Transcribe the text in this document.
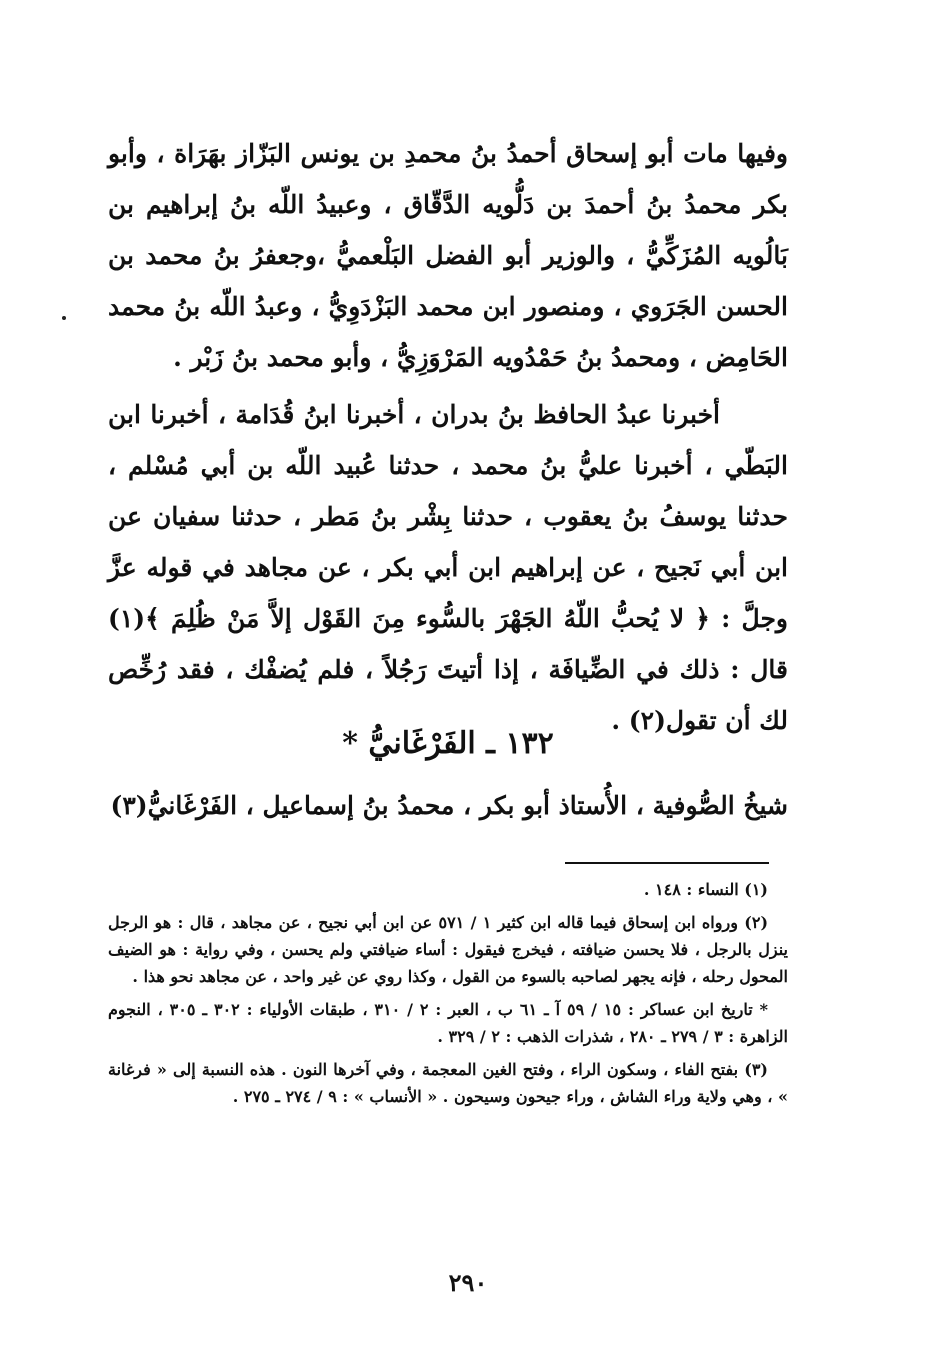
وفيها مات أبو إسحاق أحمدُ بنُ محمدِ بن يونس البَزّاز بهَرَاة ، وأبو بكر محمدُ بنُ أحمدَ بن دَلُّويه الدَّقّاق ، وعبيدُ اللّه بنُ إبراهيم بن بَالُويه المُزَكِّيُّ ، والوزير أبو الفضل البَلْعميُّ ،وجعفرُ بنُ محمد بن الحسن الجَرَوي ، ومنصور ابن محمد البَزْدَوِيُّ ، وعبدُ اللّه بنُ محمد الحَامِض ، ومحمدُ بنُ حَمْدُويه المَرْوَزِيُّ ، وأبو محمد بنُ زَبْر .

أخبرنا عبدُ الحافظ بنُ بدران ، أخبرنا ابنُ قُدَامة ، أخبرنا ابن البَطّي ، أخبرنا عليُّ بنُ محمد ، حدثنا عُبيد اللّه بن أبي مُسْلم ، حدثنا يوسفُ بنُ يعقوب ، حدثنا بِشْر بنُ مَطر ، حدثنا سفيان عن ابن أبي نَجيح ، عن إبراهيم ابن أبي بكر ، عن مجاهد في قوله عزَّ وجلَّ : ﴿ لا يُحبُّ اللّهُ الجَهْرَ بالسُّوء مِنَ القَوْل إلاَّ مَنْ ظُلِمَ ﴾(١) قال : ذلك في الضِّيافَة ، إذا أتيتَ رَجُلاً ، فلم يُضفْك ، فقد رُخِّص لك أن تقول(٢) .

١٣٢ ـ الفَرْغَانيُّ *
شيخُ الصُّوفية ، الأُستاذ أبو بكر ، محمدُ بنُ إسماعيل ، الفَرْغَانيُّ(٣)

(١) النساء : ١٤٨ .

(٢) ورواه ابن إسحاق فيما قاله ابن كثير ١ / ٥٧١ عن ابن أبي نجيح ، عن مجاهد ، قال : هو الرجل ينزل بالرجل ، فلا يحسن ضيافته ، فيخرج فيقول : أساء ضيافتي ولم يحسن ، وفي رواية : هو الضيف المحول رحله ، فإنه يجهر لصاحبه بالسوء من القول ، وكذا روي عن غير واحد ، عن مجاهد نحو هذا .

* تاريخ ابن عساكر : ١٥ / ٥٩ آ ـ ٦١ ب ، العبر : ٢ / ٣١٠ ، طبقات الأولياء : ٣٠٢ ـ ٣٠٥ ، النجوم الزاهرة : ٣ / ٢٧٩ ـ ٢٨٠ ، شذرات الذهب : ٢ / ٣٢٩ .

(٣) بفتح الفاء ، وسكون الراء ، وفتح الغين المعجمة ، وفي آخرها النون . هذه النسبة إلى « فرغانة » ، وهي ولاية وراء الشاش ، وراء جيحون وسيحون . « الأنساب » : ٩ / ٢٧٤ ـ ٢٧٥ .

٢٩٠
